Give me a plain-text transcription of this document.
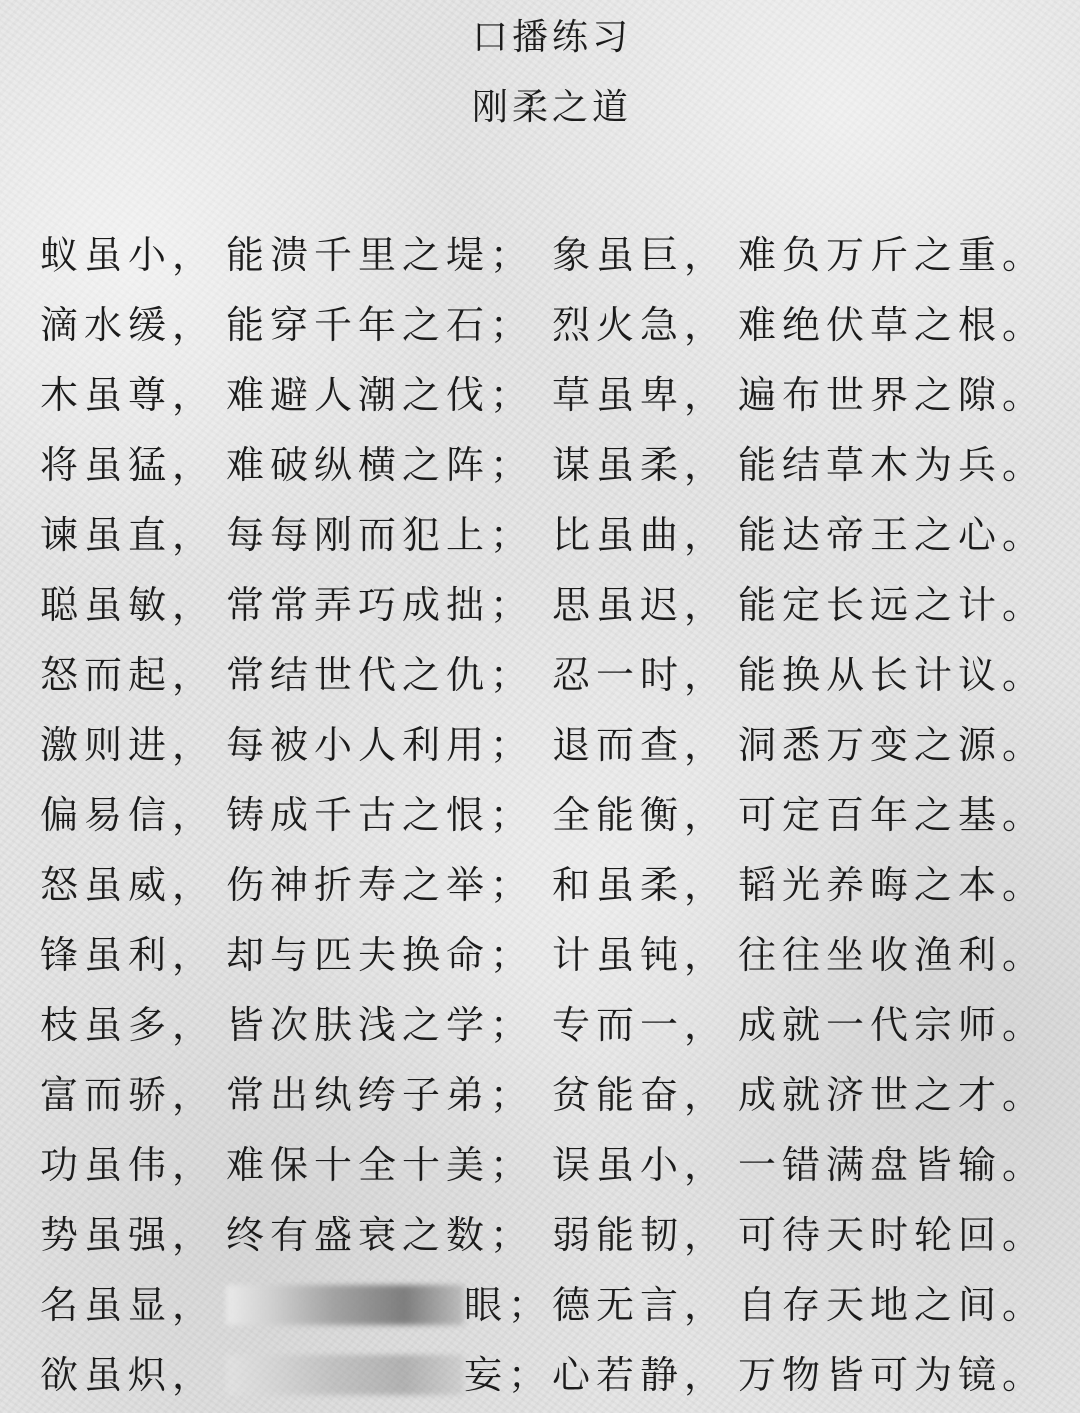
口播练习
刚柔之道
蚁虽小， 能溃千里之堤； 象虽巨， 难负万斤之重。
滴水缓， 能穿千年之石； 烈火急， 难绝伏草之根。
木虽尊， 难避人潮之伐； 草虽卑， 遍布世界之隙。
将虽猛， 难破纵横之阵； 谋虽柔， 能结草木为兵。
谏虽直， 每每刚而犯上； 比虽曲， 能达帝王之心。
聪虽敏， 常常弄巧成拙； 思虽迟， 能定长远之计。
怒而起， 常结世代之仇； 忍一时， 能换从长计议。
激则进， 每被小人利用； 退而查， 洞悉万变之源。
偏易信， 铸成千古之恨； 全能衡， 可定百年之基。
怒虽威， 伤神折寿之举； 和虽柔， 韬光养晦之本。
锋虽利， 却与匹夫换命； 计虽钝， 往往坐收渔利。
枝虽多， 皆次肤浅之学； 专而一， 成就一代宗师。
富而骄， 常出纨绔子弟； 贫能奋， 成就济世之才。
功虽伟， 难保十全十美； 误虽小， 一错满盘皆输。
势虽强， 终有盛衰之数； 弱能韧， 可待天时轮回。
名虽显，	眼； 德无言， 自存天地之间。
欲虽炽，	妄； 心若静， 万物皆可为镜。
